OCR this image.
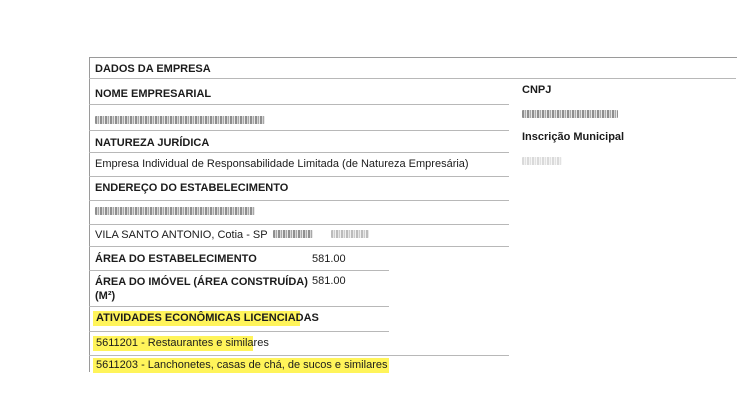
DADOS DA EMPRESA
NOME EMPRESARIAL	CNPJ
NATUREZA JURÍDICA
Empresa Individual de Responsabilidade Limitada (de Natureza Empresária)
Inscrição Municipal
ENDEREÇO DO ESTABELECIMENTO
VILA SANTO ANTONIO, Cotia - SP
ÁREA DO ESTABELECIMENTO	581.00
ÁREA DO IMÓVEL (ÁREA CONSTRUÍDA)
(M²)
581.00
ATIVIDADES ECONÔMICAS LICENCIADAS
5611201 - Restaurantes e similares
5611203 - Lanchonetes, casas de chá, de sucos e similares
